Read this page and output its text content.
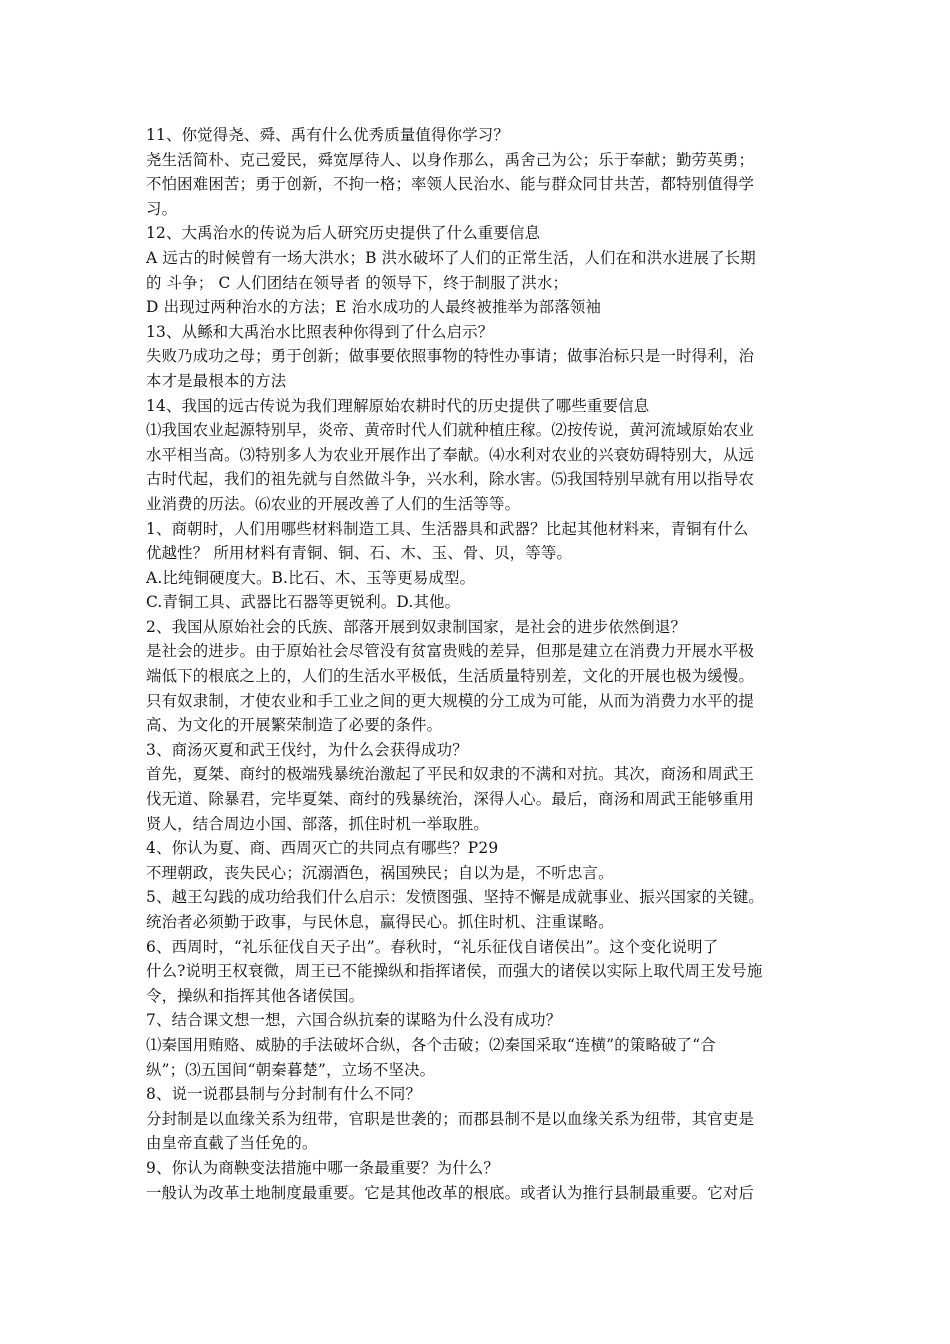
11、你觉得尧、舜、禹有什么优秀质量值得你学习？
尧生活简朴、克己爱民，舜宽厚待人、以身作那么，禹舍己为公；乐于奉献；勤劳英勇；
不怕困难困苦；勇于创新，不拘一格；率领人民治水、能与群众同甘共苦，都特别值得学
习。
12、大禹治水的传说为后人研究历史提供了什么重要信息
A 远古的时候曾有一场大洪水；B 洪水破坏了人们的正常生活，人们在和洪水进展了长期
的 斗争； C 人们团结在领导者 的领导下，终于制服了洪水；
D 出现过两种治水的方法；E 治水成功的人最终被推举为部落领袖
13、从鲧和大禹治水比照表种你得到了什么启示？
失败乃成功之母；勇于创新；做事要依照事物的特性办事请；做事治标只是一时得利，治
本才是最根本的方法
14、我国的远古传说为我们理解原始农耕时代的历史提供了哪些重要信息
⑴我国农业起源特别早，炎帝、黄帝时代人们就种植庄稼。⑵按传说，黄河流域原始农业
水平相当高。⑶特别多人为农业开展作出了奉献。⑷水利对农业的兴衰妨碍特别大，从远
古时代起，我们的祖先就与自然做斗争，兴水利，除水害。⑸我国特别早就有用以指导农
业消费的历法。⑹农业的开展改善了人们的生活等等。
1、商朝时，人们用哪些材料制造工具、生活器具和武器？比起其他材料来，青铜有什么
优越性？ 所用材料有青铜、铜、石、木、玉、骨、贝，等等。
A.比纯铜硬度大。B.比石、木、玉等更易成型。
C.青铜工具、武器比石器等更锐利。D.其他。
2、我国从原始社会的氏族、部落开展到奴隶制国家，是社会的进步依然倒退？
是社会的进步。由于原始社会尽管没有贫富贵贱的差异，但那是建立在消费力开展水平极
端低下的根底之上的，人们的生活水平极低，生活质量特别差，文化的开展也极为缓慢。
只有奴隶制，才使农业和手工业之间的更大规模的分工成为可能，从而为消费力水平的提
高、为文化的开展繁荣制造了必要的条件。
3、商汤灭夏和武王伐纣，为什么会获得成功？
首先，夏桀、商纣的极端残暴统治激起了平民和奴隶的不满和对抗。其次，商汤和周武王
伐无道、除暴君，完毕夏桀、商纣的残暴统治，深得人心。最后，商汤和周武王能够重用
贤人，结合周边小国、部落，抓住时机一举取胜。
4、你认为夏、商、西周灭亡的共同点有哪些？P29
不理朝政，丧失民心；沉溺酒色，祸国殃民；自以为是，不听忠言。
5、越王勾践的成功给我们什么启示：发愤图强、坚持不懈是成就事业、振兴国家的关键。
统治者必须勤于政事，与民休息，赢得民心。抓住时机、注重谋略。
6、西周时，“礼乐征伐自天子出”。春秋时，“礼乐征伐自诸侯出”。这个变化说明了
什么?说明王权衰微，周王已不能操纵和指挥诸侯，而强大的诸侯以实际上取代周王发号施
令，操纵和指挥其他各诸侯国。
7、结合课文想一想，六国合纵抗秦的谋略为什么没有成功？
⑴秦国用贿赂、威胁的手法破坏合纵，各个击破；⑵秦国采取“连横”的策略破了“合
纵”；⑶五国间“朝秦暮楚”，立场不坚决。
8、说一说郡县制与分封制有什么不同？
分封制是以血缘关系为纽带，官职是世袭的；而郡县制不是以血缘关系为纽带，其官吏是
由皇帝直截了当任免的。
9、你认为商鞅变法措施中哪一条最重要？为什么？
一般认为改革土地制度最重要。它是其他改革的根底。或者认为推行县制最重要。它对后
